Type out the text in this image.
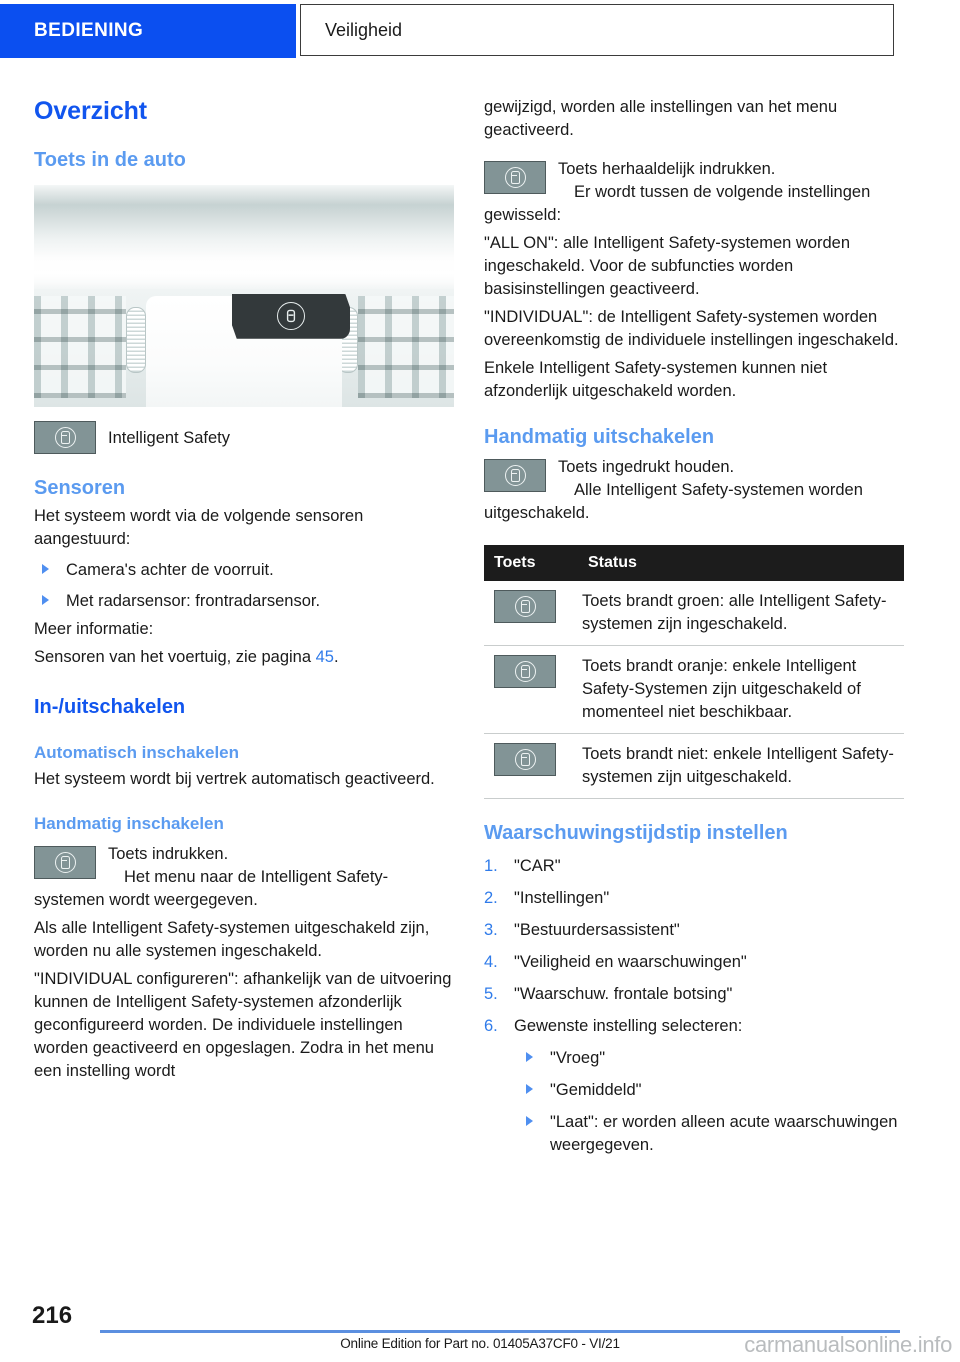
BEDIENING	Veiligheid
Overzicht
Toets in de auto
Intelligent Safety
Sensoren

Het systeem wordt via de volgende sensoren aangestuurd:

Camera's achter de voorruit.
Met radarsensor: frontradarsensor.

Meer informatie:

Sensoren van het voertuig, zie pagina 45.

In-/uitschakelen
Automatisch inschakelen

Het systeem wordt bij vertrek automatisch geactiveerd.

Handmatig inschakelen

Toets indrukken.

Het menu naar de Intelligent Safety-systemen wordt weergegeven.

Als alle Intelligent Safety-systemen uitgeschakeld zijn, worden nu alle systemen ingeschakeld.

"INDIVIDUAL configureren": afhankelijk van de uitvoering kunnen de Intelligent Safety-systemen afzonderlijk geconfigureerd worden. De individuele instellingen worden geactiveerd en opgeslagen. Zodra in het menu een instelling wordt

gewijzigd, worden alle instellingen van het menu geactiveerd.

Toets herhaaldelijk indrukken.

Er wordt tussen de volgende instellingen gewisseld:

"ALL ON": alle Intelligent Safety-systemen worden ingeschakeld. Voor de subfuncties worden basisinstellingen geactiveerd.

"INDIVIDUAL": de Intelligent Safety-systemen worden overeenkomstig de individuele instellingen ingeschakeld.

Enkele Intelligent Safety-systemen kunnen niet afzonderlijk uitgeschakeld worden.

Handmatig uitschakelen

Toets ingedrukt houden.

Alle Intelligent Safety-systemen worden uitgeschakeld.

Toets	Status

	Toets brandt groen: alle Intelligent Safety-systemen zijn ingeschakeld.

	Toets brandt oranje: enkele Intelligent Safety-Systemen zijn uitgeschakeld of momenteel niet beschikbaar.

	Toets brandt niet: enkele Intelligent Safety-systemen zijn uitgeschakeld.
Waarschuwingstijdstip instellen
1. "CAR"
2. "Instellingen"
3. "Bestuurdersassistent"
4. "Veiligheid en waarschuwingen"
5. "Waarschuw. frontale botsing"
6. Gewenste instelling selecteren:
"Vroeg"
"Gemiddeld"
"Laat": er worden alleen acute waarschuwingen weergegeven.
216
Online Edition for Part no. 01405A37CF0 - VI/21	carmanualsonline.info
